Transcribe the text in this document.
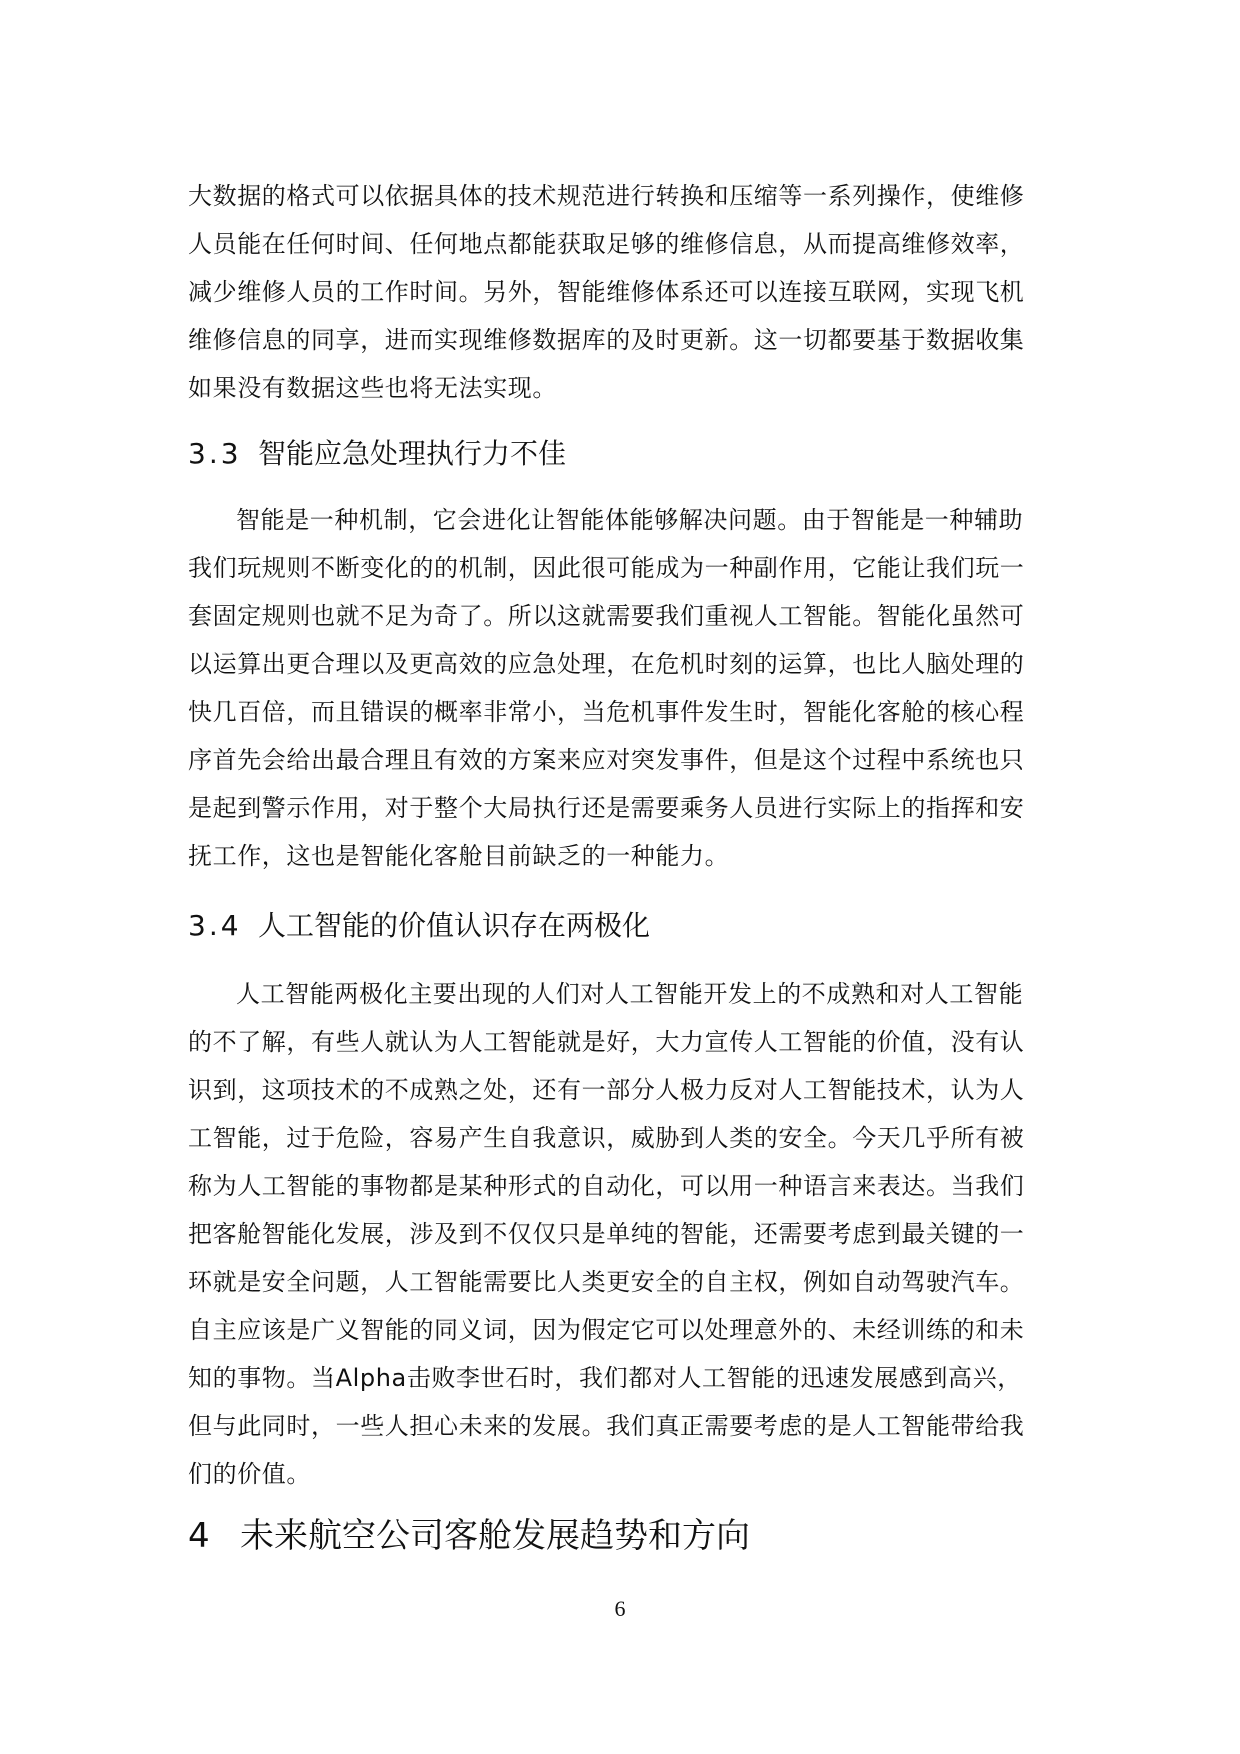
大数据的格式可以依据具体的技术规范进行转换和压缩等一系列操作，使维修
人员能在任何时间、任何地点都能获取足够的维修信息，从而提高维修效率，
减少维修人员的工作时间。另外，智能维修体系还可以连接互联网，实现飞机
维修信息的同享，进而实现维修数据库的及时更新。这一切都要基于数据收集
如果没有数据这些也将无法实现。
3.3 智能应急处理执行力不佳
智能是一种机制，它会进化让智能体能够解决问题。由于智能是一种辅助
我们玩规则不断变化的的机制，因此很可能成为一种副作用，它能让我们玩一
套固定规则也就不足为奇了。所以这就需要我们重视人工智能。智能化虽然可
以运算出更合理以及更高效的应急处理，在危机时刻的运算，也比人脑处理的
快几百倍，而且错误的概率非常小，当危机事件发生时，智能化客舱的核心程
序首先会给出最合理且有效的方案来应对突发事件，但是这个过程中系统也只
是起到警示作用，对于整个大局执行还是需要乘务人员进行实际上的指挥和安
抚工作，这也是智能化客舱目前缺乏的一种能力。
3.4 人工智能的价值认识存在两极化
人工智能两极化主要出现的人们对人工智能开发上的不成熟和对人工智能
的不了解，有些人就认为人工智能就是好，大力宣传人工智能的价值，没有认
识到，这项技术的不成熟之处，还有一部分人极力反对人工智能技术，认为人
工智能，过于危险，容易产生自我意识，威胁到人类的安全。今天几乎所有被
称为人工智能的事物都是某种形式的自动化，可以用一种语言来表达。当我们
把客舱智能化发展，涉及到不仅仅只是单纯的智能，还需要考虑到最关键的一
环就是安全问题，人工智能需要比人类更安全的自主权，例如自动驾驶汽车。
自主应该是广义智能的同义词，因为假定它可以处理意外的、未经训练的和未
知的事物。当Alpha击败李世石时，我们都对人工智能的迅速发展感到高兴，
但与此同时，一些人担心未来的发展。我们真正需要考虑的是人工智能带给我
们的价值。
4 未来航空公司客舱发展趋势和方向
6
